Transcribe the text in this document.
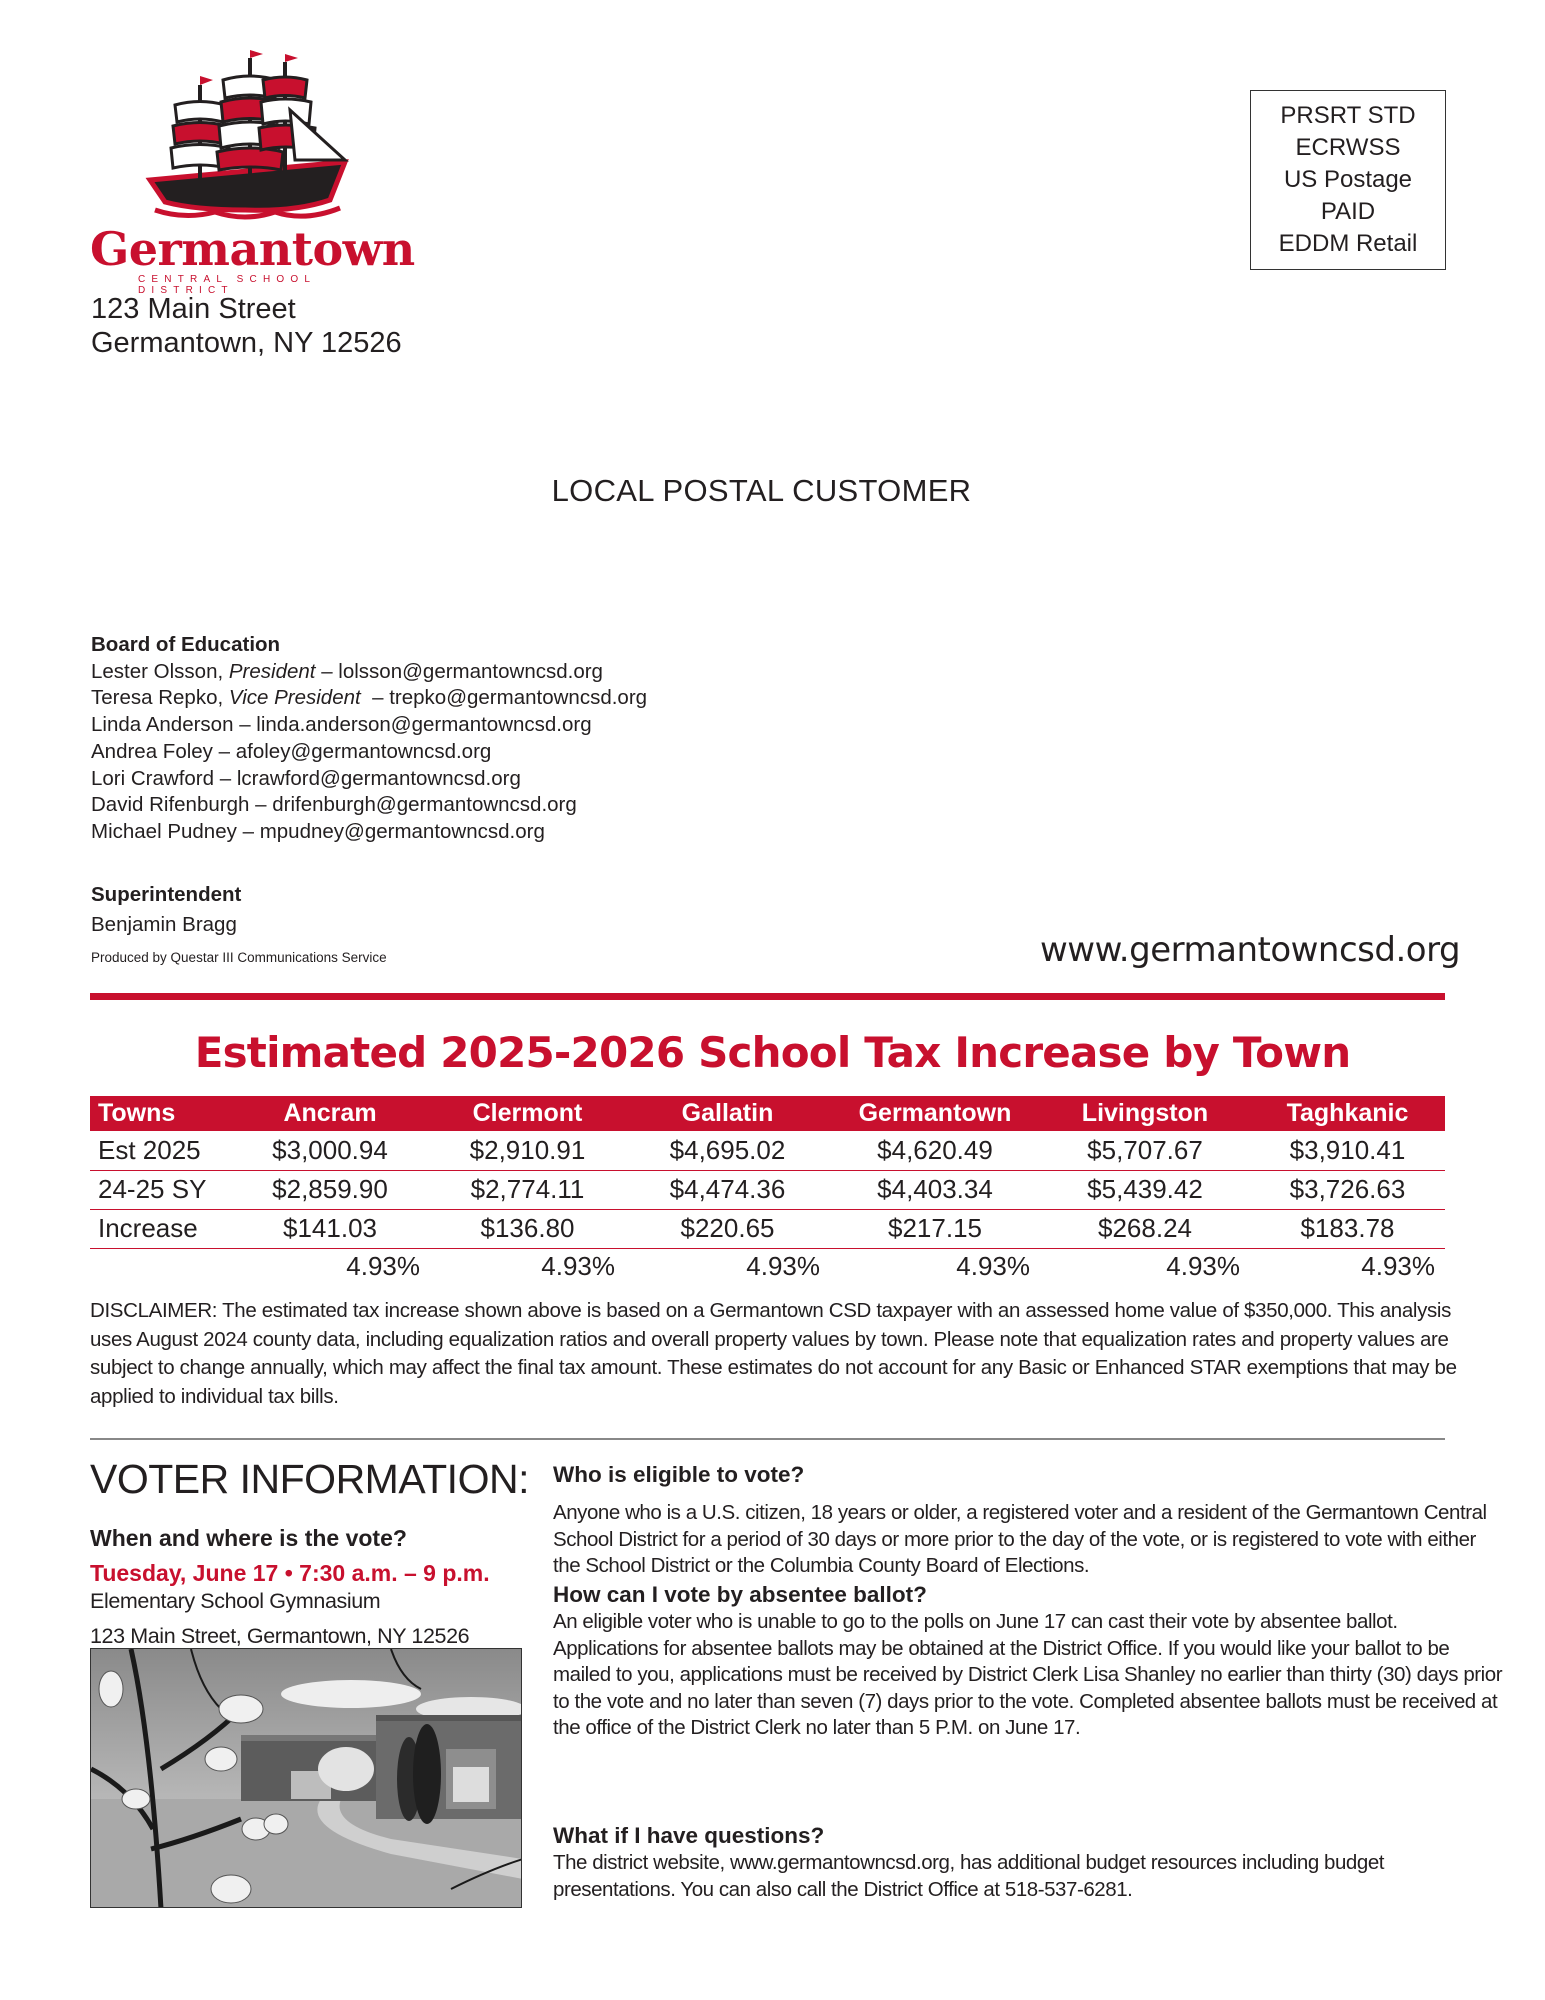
Germantown
CENTRAL SCHOOL DISTRICT
123 Main Street
Germantown, NY 12526
PRSRT STD
ECRWSS
US Postage
PAID
EDDM Retail
LOCAL POSTAL CUSTOMER
Board of Education
Lester Olsson, President – lolsson@germantowncsd.org
Teresa Repko, Vice President – trepko@germantowncsd.org
Linda Anderson – linda.anderson@germantowncsd.org
Andrea Foley – afoley@germantowncsd.org
Lori Crawford – lcrawford@germantowncsd.org
David Rifenburgh – drifenburgh@germantowncsd.org
Michael Pudney – mpudney@germantowncsd.org
Superintendent
Benjamin Bragg
Produced by Questar III Communications Service	www.germantowncsd.org
Estimated 2025-2026 School Tax Increase by Town
Towns	Ancram	Clermont	Gallatin	Germantown	Livingston	Taghkanic
Est 2025	$3,000.94	$2,910.91	$4,695.02	$4,620.49	$5,707.67	$3,910.41
24-25 SY	$2,859.90	$2,774.11	$4,474.36	$4,403.34	$5,439.42	$3,726.63
Increase	$141.03	$136.80	$220.65	$217.15	$268.24	$183.78
	4.93%	4.93%	4.93%	4.93%	4.93%	4.93%
DISCLAIMER: The estimated tax increase shown above is based on a Germantown CSD taxpayer with an assessed home value of $350,000. This analysis uses August 2024 county data, including equalization ratios and overall property values by town. Please note that equalization rates and property values are subject to change annually, which may affect the final tax amount. These estimates do not account for any Basic or Enhanced STAR exemptions that may be applied to individual tax bills.
VOTER INFORMATION:
When and where is the vote?
Tuesday, June 17 • 7:30 a.m. – 9 p.m.
Elementary School Gymnasium
123 Main Street, Germantown, NY 12526
Who is eligible to vote?
Anyone who is a U.S. citizen, 18 years or older, a registered voter and a resident of the Germantown Central School District for a period of 30 days or more prior to the day of the vote, or is registered to vote with either the School District or the Columbia County Board of Elections.
How can I vote by absentee ballot?
An eligible voter who is unable to go to the polls on June 17 can cast their vote by absentee ballot. Applications for absentee ballots may be obtained at the District Office. If you would like your ballot to be mailed to you, applications must be received by District Clerk Lisa Shanley no earlier than thirty (30) days prior to the vote and no later than seven (7) days prior to the vote. Completed absentee ballots must be received at the office of the District Clerk no later than 5 P.M. on June 17.
What if I have questions?
The district website, www.germantowncsd.org, has additional budget resources including budget presentations. You can also call the District Office at 518-537-6281.
